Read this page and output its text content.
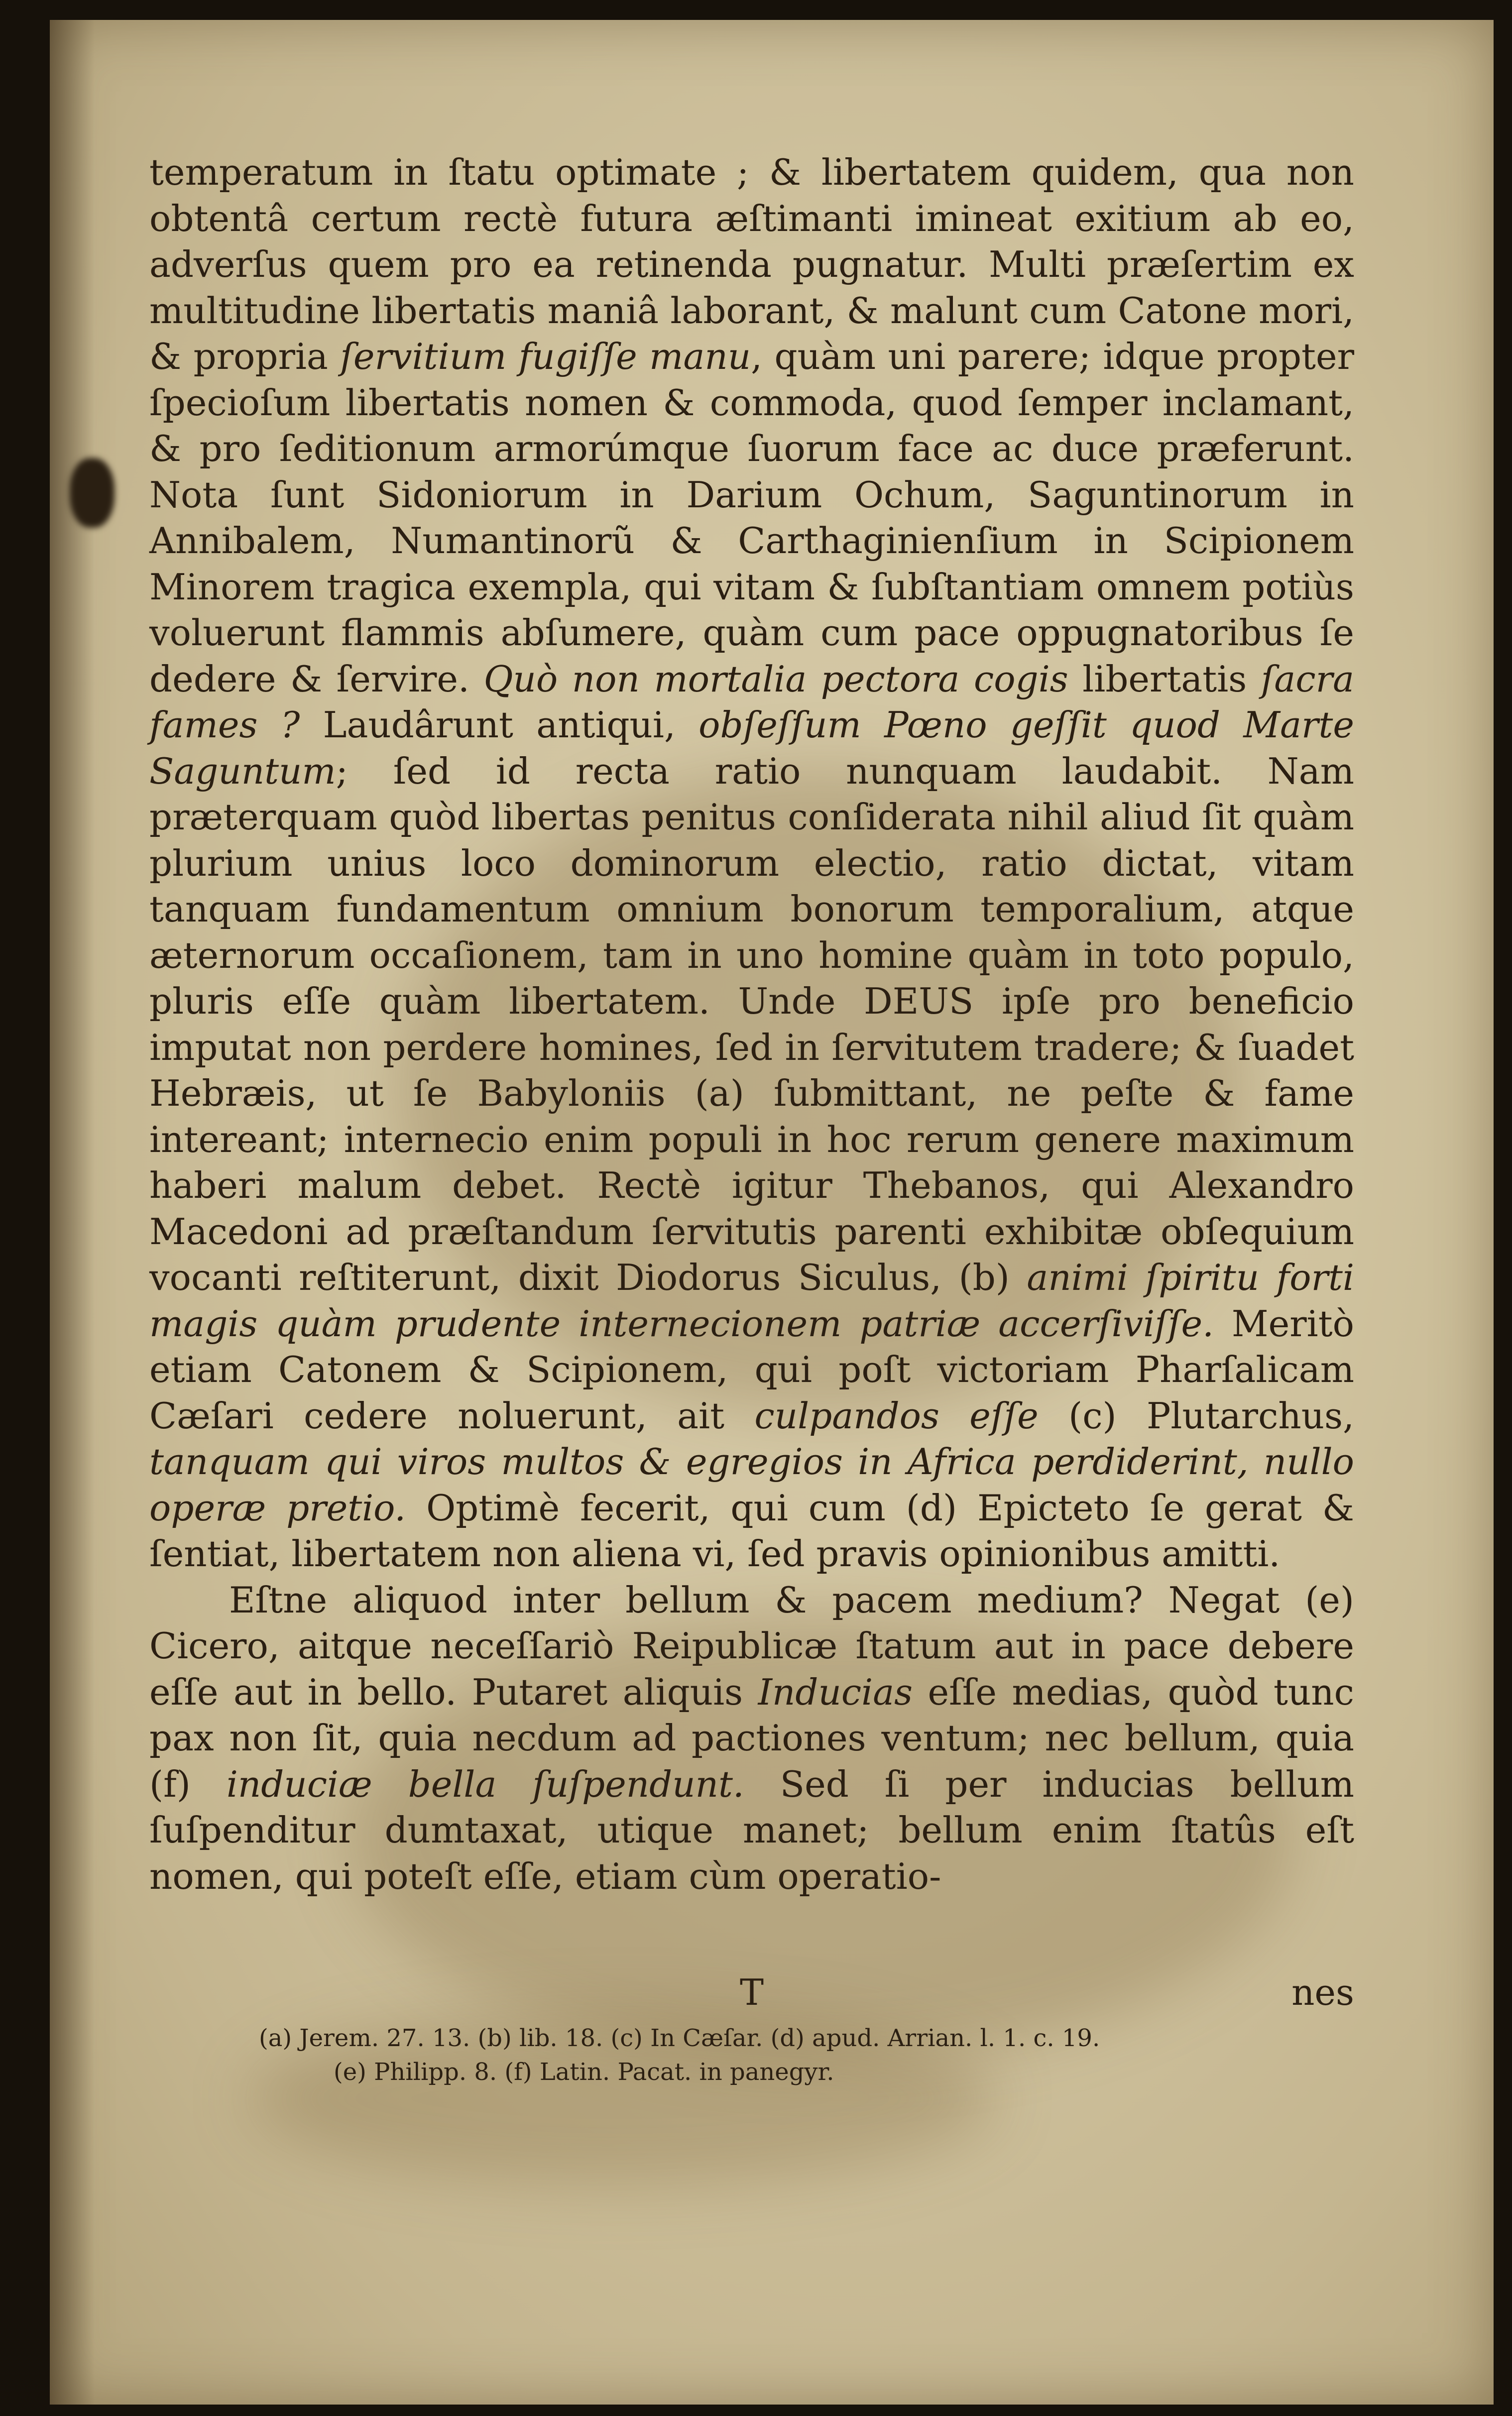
temperatum in ſtatu optimate ; & libertatem quidem, qua non obtentâ certum rectè futura æſtimanti imineat exitium ab eo, adverſus quem pro ea retinenda pugnatur. Multi præſertim ex multitudine libertatis maniâ laborant, & malunt cum Catone mori, & propria ſervitium fugiſſe manu, quàm uni parere; idque propter ſpecioſum libertatis nomen & commoda, quod ſemper inclamant, & pro ſeditionum armorúmque ſuorum face ac duce præferunt. Nota ſunt Sidoniorum in Darium Ochum, Saguntinorum in Annibalem, Numantinorũ & Carthaginienſium in Scipionem Minorem tragica exempla, qui vitam & ſubſtantiam omnem potiùs voluerunt flammis abſumere, quàm cum pace oppugnatoribus ſe dedere & ſervire. Quò non mortalia pectora cogis libertatis ſacra fames ? Laudârunt antiqui, obſeſſum Pœno geſſit quod Marte Saguntum; ſed id recta ratio nunquam laudabit. Nam præterquam quòd libertas penitus conſiderata nihil aliud ſit quàm plurium unius loco dominorum electio, ratio dictat, vitam tanquam fundamentum omnium bonorum temporalium, atque æternorum occaſionem, tam in uno homine quàm in toto populo, pluris eſſe quàm libertatem. Unde DEUS ipſe pro beneficio imputat non perdere homines, ſed in ſervitutem tradere; & ſuadet Hebræis, ut ſe Babyloniis (a) ſubmittant, ne peſte & fame intereant; internecio enim populi in hoc rerum genere maximum haberi malum debet. Rectè igitur Thebanos, qui Alexandro Macedoni ad præſtandum ſervitutis parenti exhibitæ obſequium vocanti reſtiterunt, dixit Diodorus Siculus, (b) animi ſpiritu forti magis quàm prudente internecionem patriæ accerſiviſſe. Meritò etiam Catonem & Scipionem, qui poſt victoriam Pharſalicam Cæſari cedere noluerunt, ait culpandos eſſe (c) Plutarchus, tanquam qui viros multos & egregios in Africa perdiderint, nullo operæ pretio. Optimè fecerit, qui cum (d) Epicteto ſe gerat & ſentiat, libertatem non aliena vi, ſed pravis opinionibus amitti.

Eſtne aliquod inter bellum & pacem medium? Negat (e) Cicero, aitque neceſſariò Reipublicæ ſtatum aut in pace debere eſſe aut in bello. Putaret aliquis Inducias eſſe medias, quòd tunc pax non ſit, quia necdum ad pactiones ventum; nec bellum, quia (f) induciæ bella ſuſpendunt. Sed ſi per inducias bellum ſuſpenditur dumtaxat, utique manet; bellum enim ſtatûs eſt nomen, qui poteſt eſſe, etiam cùm operatio-

T	nes
(a) Jerem. 27. 13. (b) lib. 18. (c) In Cæſar. (d) apud. Arrian. l. 1. c. 19.
(e) Philipp. 8. (f) Latin. Pacat. in panegyr.
